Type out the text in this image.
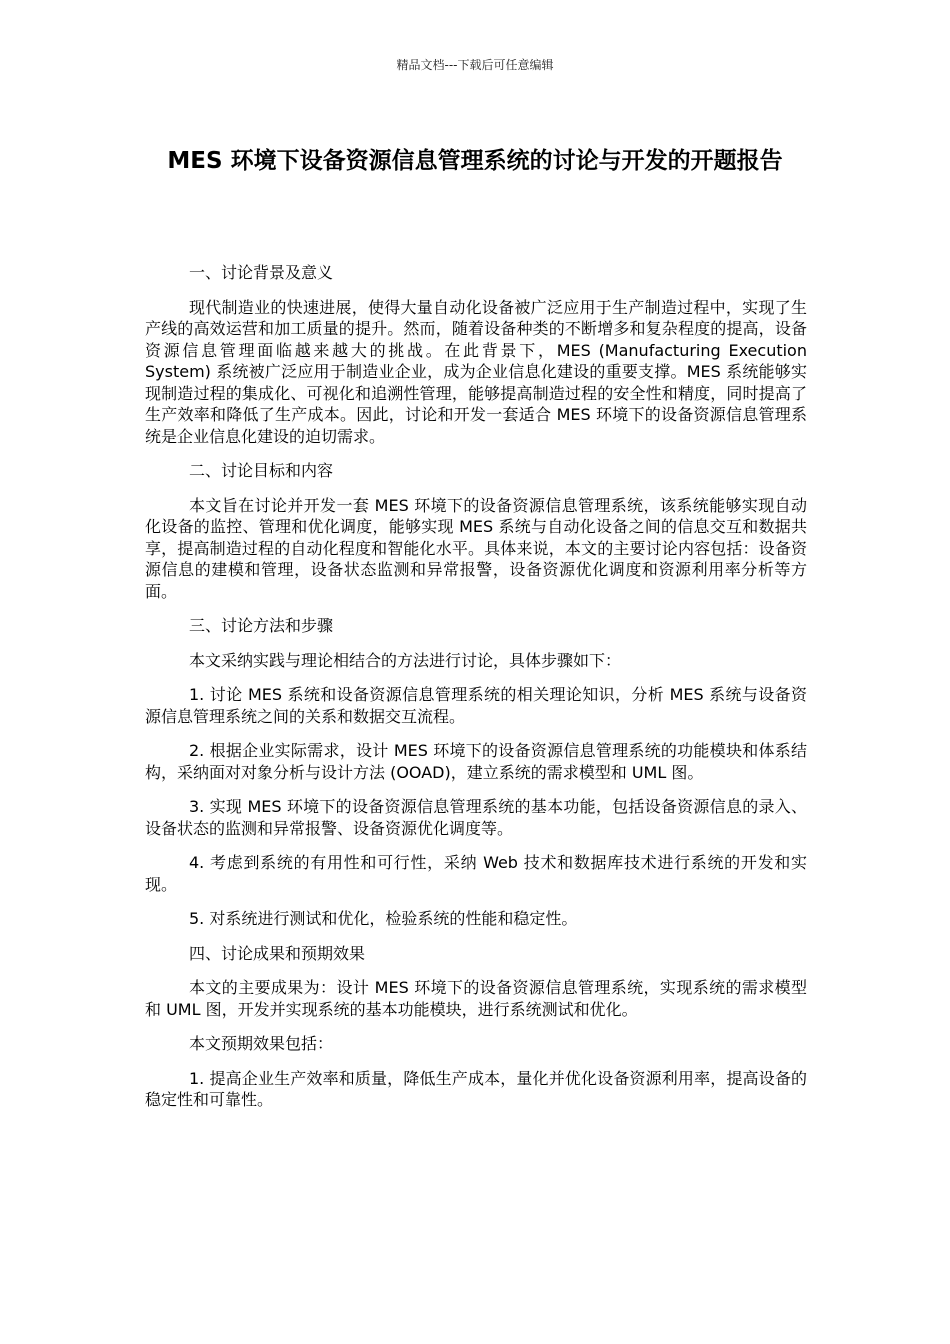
精品文档---下载后可任意编辑
MES 环境下设备资源信息管理系统的讨论与开发的开题报告

一、讨论背景及意义

现代制造业的快速进展，使得大量自动化设备被广泛应用于生产制造过程中，实现了生产线的高效运营和加工质量的提升。然而，随着设备种类的不断增多和复杂程度的提高，设备资源信息管理面临越来越大的挑战。在此背景下，MES (Manufacturing Execution System) 系统被广泛应用于制造业企业，成为企业信息化建设的重要支撑。MES 系统能够实现制造过程的集成化、可视化和追溯性管理，能够提高制造过程的安全性和精度，同时提高了生产效率和降低了生产成本。因此，讨论和开发一套适合 MES 环境下的设备资源信息管理系统是企业信息化建设的迫切需求。

二、讨论目标和内容

本文旨在讨论并开发一套 MES 环境下的设备资源信息管理系统，该系统能够实现自动化设备的监控、管理和优化调度，能够实现 MES 系统与自动化设备之间的信息交互和数据共享，提高制造过程的自动化程度和智能化水平。具体来说，本文的主要讨论内容包括：设备资源信息的建模和管理，设备状态监测和异常报警，设备资源优化调度和资源利用率分析等方面。

三、讨论方法和步骤

本文采纳实践与理论相结合的方法进行讨论，具体步骤如下：

1. 讨论 MES 系统和设备资源信息管理系统的相关理论知识，分析 MES 系统与设备资源信息管理系统之间的关系和数据交互流程。

2. 根据企业实际需求，设计 MES 环境下的设备资源信息管理系统的功能模块和体系结构，采纳面对对象分析与设计方法 (OOAD)，建立系统的需求模型和 UML 图。

3. 实现 MES 环境下的设备资源信息管理系统的基本功能，包括设备资源信息的录入、设备状态的监测和异常报警、设备资源优化调度等。

4. 考虑到系统的有用性和可行性，采纳 Web 技术和数据库技术进行系统的开发和实现。

5. 对系统进行测试和优化，检验系统的性能和稳定性。

四、讨论成果和预期效果

本文的主要成果为：设计 MES 环境下的设备资源信息管理系统，实现系统的需求模型和 UML 图，开发并实现系统的基本功能模块，进行系统测试和优化。

本文预期效果包括：

1. 提高企业生产效率和质量，降低生产成本，量化并优化设备资源利用率，提高设备的稳定性和可靠性。
